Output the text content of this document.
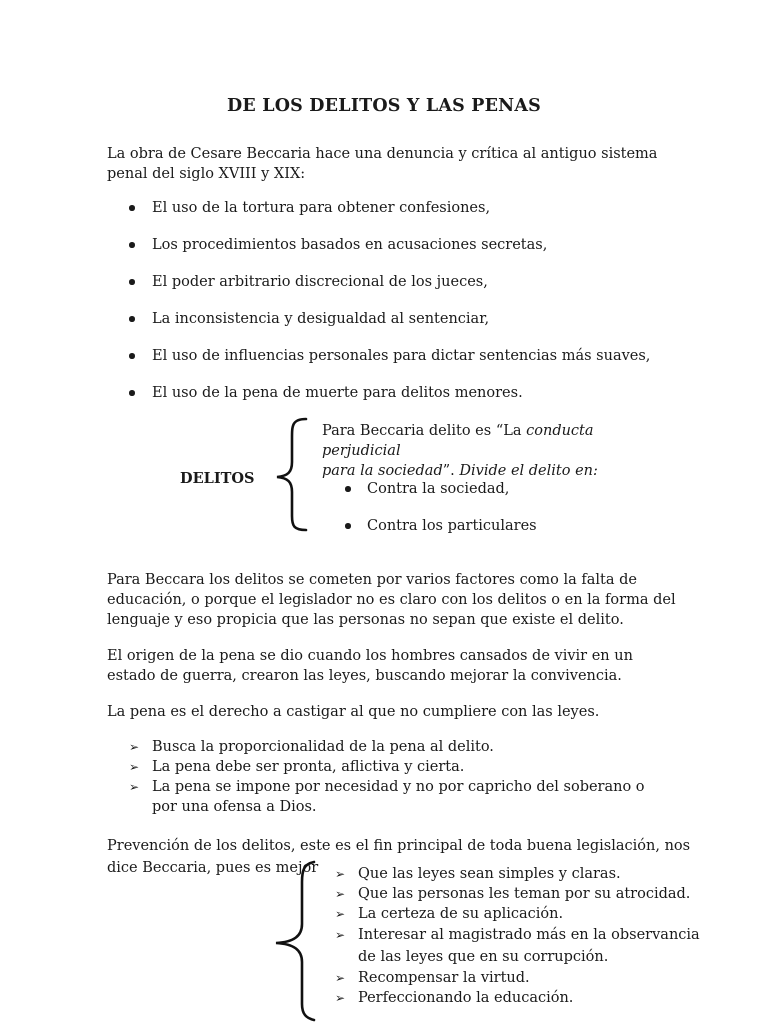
DE LOS DELITOS Y LAS PENAS
La obra de Cesare Beccaria hace una denuncia y crítica al antiguo sistema penal del siglo XVIII y XIX:
El uso de la tortura para obtener confesiones,
Los procedimientos basados en acusaciones secretas,
El poder arbitrario discrecional de los jueces,
La inconsistencia y desigualdad al sentenciar,
El uso de influencias personales para dictar sentencias más suaves,
El uso de la pena de muerte para delitos menores.
DELITOS
Para Beccaria delito es “La conducta perjudicial
para la sociedad”. Divide el delito en:
Contra la sociedad,
Contra los particulares
Para Beccara los delitos se cometen por varios factores como la falta de educación, o porque el legislador no es claro con los delitos o en la forma del lenguaje y eso propicia que las personas no sepan que existe el delito.
El origen de la pena se dio cuando los hombres cansados de vivir en un estado de guerra, crearon las leyes, buscando mejorar la convivencia.
La pena es el derecho a castigar al que no cumpliere con las leyes.
➢ Busca la proporcionalidad de la pena al delito.
➢ La pena debe ser pronta, aflictiva y cierta.
➢ La pena se impone por necesidad y no por capricho del soberano o por una ofensa a Dios.
Prevención de los delitos, este es el fin principal de toda buena legislación, nos
dice Beccaria, pues es mejor	➢ Que las leyes sean simples y claras.
➢ Que las personas les teman por su atrocidad.
➢ La certeza de su aplicación.
➢ Interesar al magistrado más en la observancia de las leyes que en su corrupción.
➢ Recompensar la virtud.
➢ Perfeccionando la educación.
